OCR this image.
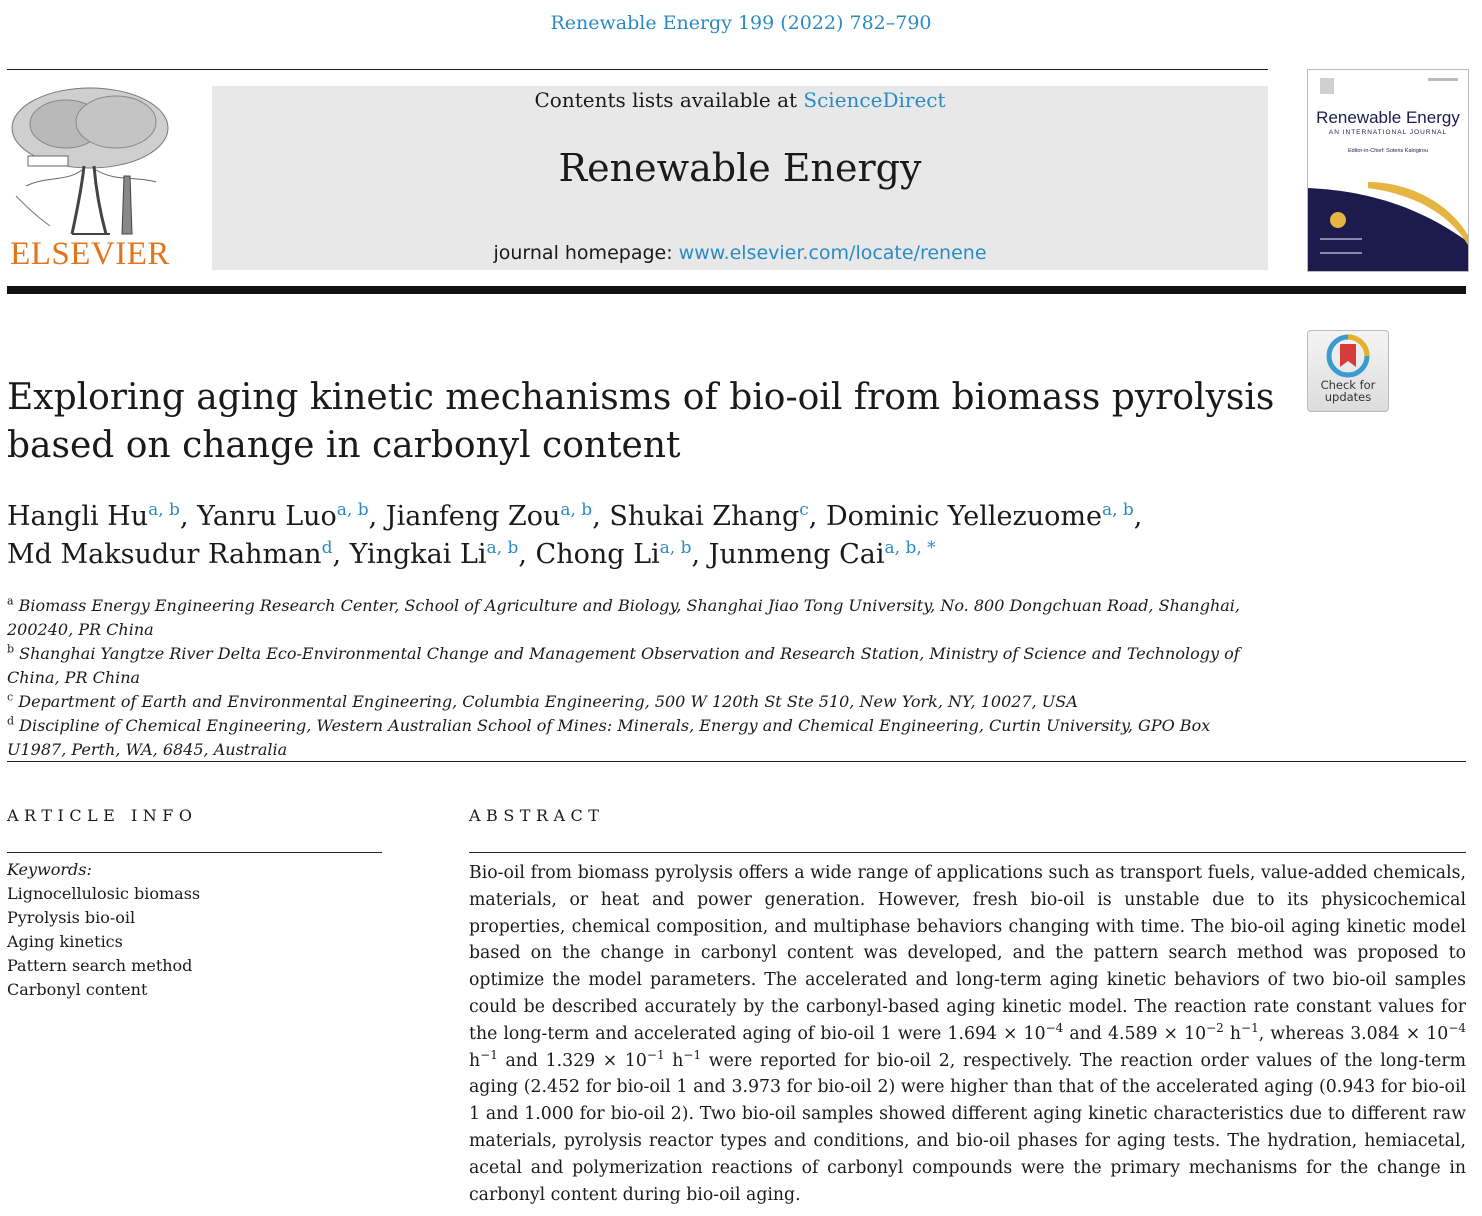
Renewable Energy 199 (2022) 782–790
ELSEVIER
Contents lists available at ScienceDirect
Renewable Energy
journal homepage: www.elsevier.com/locate/renene
Renewable Energy
AN INTERNATIONAL JOURNAL
Editor-in-Chief: Soteris Kalogirou
Check for
updates
Exploring aging kinetic mechanisms of bio-oil from biomass pyrolysis based on change in carbonyl content
Hangli Hu$^{a, b}$, Yanru Luo$^{a, b}$, Jianfeng Zou$^{a, b}$, Shukai Zhang$^c$, Dominic Yellezuome$^{a, b}$,
Md Maksudur Rahman$^d$, Yingkai Li$^{a, b}$, Chong Li$^{a, b}$, Junmeng Cai$^{a, b, *}$
$^a$ Biomass Energy Engineering Research Center, School of Agriculture and Biology, Shanghai Jiao Tong University, No. 800 Dongchuan Road, Shanghai, 200240, PR China
$^b$ Shanghai Yangtze River Delta Eco-Environmental Change and Management Observation and Research Station, Ministry of Science and Technology of China, PR China
$^c$ Department of Earth and Environmental Engineering, Columbia Engineering, 500 W 120th St Ste 510, New York, NY, 10027, USA
$^d$ Discipline of Chemical Engineering, Western Australian School of Mines: Minerals, Energy and Chemical Engineering, Curtin University, GPO Box U1987, Perth, WA, 6845, Australia
ARTICLE INFO	ABSTRACT
Keywords:
Lignocellulosic biomass
Pyrolysis bio-oil
Aging kinetics
Pattern search method
Carbonyl content
Bio-oil from biomass pyrolysis offers a wide range of applications such as transport fuels, value-added chemicals, materials, or heat and power generation. However, fresh bio-oil is unstable due to its physicochemical properties, chemical composition, and multiphase behaviors changing with time. The bio-oil aging kinetic model based on the change in carbonyl content was developed, and the pattern search method was proposed to optimize the model parameters. The accelerated and long-term aging kinetic behaviors of two bio-oil samples could be described accurately by the carbonyl-based aging kinetic model. The reaction rate constant values for the long-term and accelerated aging of bio-oil 1 were $1.694 \times 10^{-4}$ and $4.589 \times 10^{-2}$ $h^{-1}$, whereas $3.084 \times 10^{-4}$ $h^{-1}$ and $1.329 \times 10^{-1}$ $h^{-1}$ were reported for bio-oil 2, respectively. The reaction order values of the long-term aging (2.452 for bio-oil 1 and 3.973 for bio-oil 2) were higher than that of the accelerated aging (0.943 for bio-oil 1 and 1.000 for bio-oil 2). Two bio-oil samples showed different aging kinetic characteristics due to different raw materials, pyrolysis reactor types and conditions, and bio-oil phases for aging tests. The hydration, hemiacetal, acetal and polymerization reactions of carbonyl compounds were the primary mechanisms for the change in carbonyl content during bio-oil aging.
